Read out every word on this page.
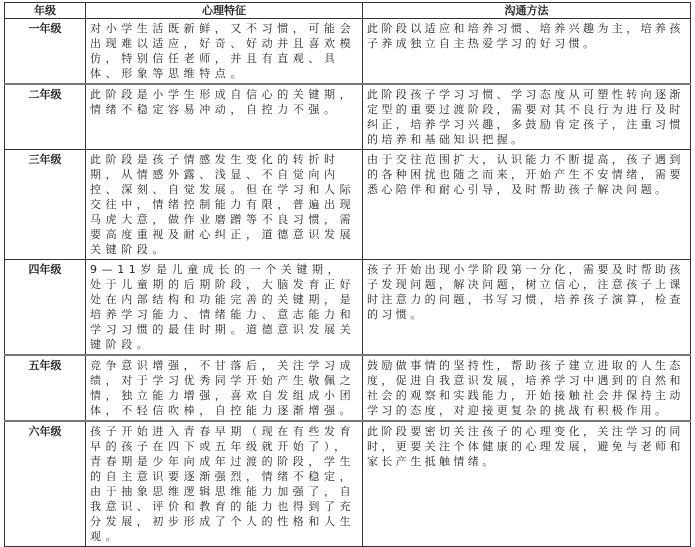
年级	心理特征	沟通方法
一年级	对小学生活既新鲜，又不习惯，可能会出现难以适应，好奇、好动并且喜欢模仿，特别信任老师，并且有直观、具体、形象等思维特点。	此阶段以适应和培养习惯、培养兴趣为主，培养孩子养成独立自主热爱学习的好习惯。
二年级	此阶段是小学生形成自信心的关键期，情绪不稳定容易冲动，自控力不强。	此阶段孩子学习习惯、学习态度从可塑性转向逐渐定型的重要过渡阶段，需要对其不良行为进行及时纠正，培养学习兴趣，多鼓励肯定孩子，注重习惯的培养和基础知识把握。
三年级	此阶段是孩子情感发生变化的转折时期，从情感外露、浅显、不自觉向内控、深刻、自觉发展。但在学习和人际交往中，情绪控制能力有限，普遍出现马虎大意，做作业磨蹭等不良习惯，需要高度重视及耐心纠正，道德意识发展关键阶段。	由于交往范围扩大，认识能力不断提高，孩子遇到的各种困扰也随之而来，开始产生不安情绪，需要悉心陪伴和耐心引导，及时帮助孩子解决问题。
四年级	9—11岁是儿童成长的一个关键期，处于儿童期的后期阶段，大脑发育正好处在内部结构和功能完善的关键期，是培养学习能力、情绪能力、意志能力和学习习惯的最佳时期。道德意识发展关键阶段。	孩子开始出现小学阶段第一分化，需要及时帮助孩子发现问题，解决问题，树立信心，注意孩子上课时注意力的问题，书写习惯，培养孩子演算，检查的习惯。
五年级	竞争意识增强，不甘落后，关注学习成绩，对于学习优秀同学开始产生敬佩之情，独立能力增强，喜欢自发组成小团体，不轻信吹棒，自控能力逐渐增强。	鼓励做事情的坚持性，帮助孩子建立进取的人生态度，促进自我意识发展，培养学习中遇到的自然和社会的观察和实践能力，开始接触社会并保持主动学习的态度，对迎接更复杂的挑战有积极作用。
六年级	孩子开始进入青春早期（现在有些发育早的孩子在四下或五年级就开始了），青春期是少年向成年过渡的阶段，学生的自主意识要逐渐强烈，情绪不稳定，由于抽象思维逻辑思维能力加强了，自我意识、评价和教育的能力也得到了充分发展，初步形成了个人的性格和人生观。	此阶段要密切关注孩子的心理变化，关注学习的同时，更要关注个体健康的心理发展，避免与老师和家长产生抵触情绪。
